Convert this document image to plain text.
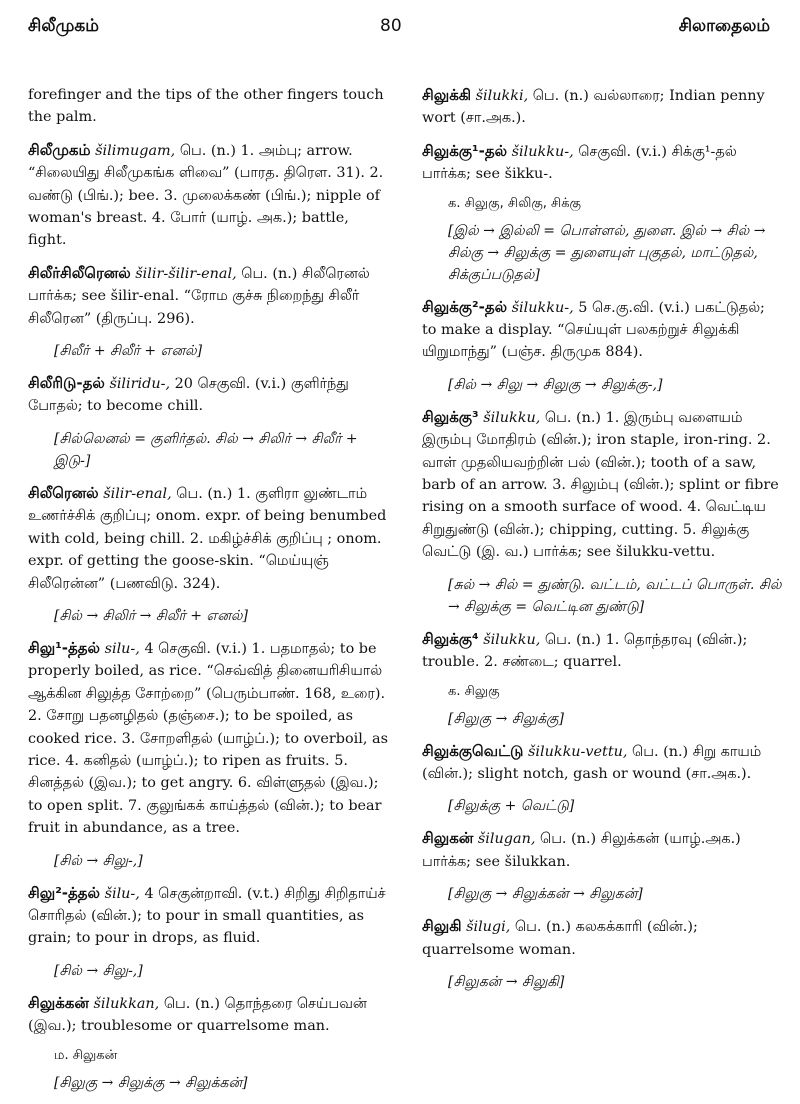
சிலீமுகம்	80	சிலாதைலம்
forefinger and the tips of the other fingers touch the palm.
சிலீமுகம் šilimugam, பெ. (n.) 1. அம்பு; arrow. “சிலையிது சிலீமுகங்க ளிவை” (பாரத. திரௌ. 31). 2. வண்டு (பிங்.); bee. 3. முலைக்கண் (பிங்.); nipple of woman's breast. 4. போர் (யாழ். அக.); battle, fight.
சிலீர்சிலீரெனல் šilir-šilir-enal, பெ. (n.) சிலீரெனல் பார்க்க; see šilir-enal. “ரோம குச்சு நிறைந்து சிலீர் சிலீரென” (திருப்பு. 296).
[சிலீர் + சிலீர் + எனல்]
சிலீரிடு-தல் šiliridu-, 20 செகுவி. (v.i.) குளிர்ந்து போதல்; to become chill.
[சில்லெனல் = குளிர்தல். சில் → சிலிர் → சிலீர் + இடு-]
சிலீரெனல் šilir-enal, பெ. (n.) 1. குளிரா லுண்டாம் உணர்ச்சிக் குறிப்பு; onom. expr. of being benumbed with cold, being chill. 2. மகிழ்ச்சிக் குறிப்பு ; onom. expr. of getting the goose-skin. “மெய்யுஞ் சிலீரென்ன” (பணவிடு. 324).
[சில் → சிலிர் → சிலீர் + எனல்]
சிலு¹-த்தல் silu-, 4 செகுவி. (v.i.) 1. பதமாதல்; to be properly boiled, as rice. “செவ்வித் தினையரிசியால் ஆக்கின சிலுத்த சோற்றை” (பெரும்பாண். 168, உரை). 2. சோறு பதனழிதல் (தஞ்சை.); to be spoiled, as cooked rice. 3. சோறளிதல் (யாழ்ப்.); to overboil, as rice. 4. கனிதல் (யாழ்ப்.); to ripen as fruits. 5. சினத்தல் (இவ.); to get angry. 6. விள்ளுதல் (இவ.); to open split. 7. குலுங்கக் காய்த்தல் (வின்.); to bear fruit in abundance, as a tree.
[சில் → சிலு-,]
சிலு²-த்தல் šilu-, 4 செகுன்றாவி. (v.t.) சிறிது சிறிதாய்ச் சொரிதல் (வின்.); to pour in small quantities, as grain; to pour in drops, as fluid.
[சில் → சிலு-,]
சிலுக்கன் šilukkan, பெ. (n.) தொந்தரை செய்பவன் (இவ.); troublesome or quarrelsome man.
ம. சிலுகன்
[சிலுகு → சிலுக்கு → சிலுக்கன்]
சிலுக்கி šilukki, பெ. (n.) வல்லாரை; Indian penny wort (சா.அக.).
சிலுக்கு¹-தல் šilukku-, செகுவி. (v.i.) சிக்கு¹-தல் பார்க்க; see šikku-.
க. சிலுகு, சிலிகு, சிக்கு
[இல் → இல்லி = பொள்ளல், துளை. இல் → சில் → சில்கு → சிலுக்கு = துளையுள் புகுதல், மாட்டுதல், சிக்குப்படுதல்]
சிலுக்கு²-தல் šilukku-, 5 செ.கு.வி. (v.i.) பகட்டுதல்; to make a display. “செய்யுள் பலகற்றுச் சிலுக்கி யிறுமாந்து” (பஞ்ச. திருமுக 884).
[சில் → சிலு → சிலுகு → சிலுக்கு-,]
சிலுக்கு³ šilukku, பெ. (n.) 1. இரும்பு வளையம் இரும்பு மோதிரம் (வின்.); iron staple, iron-ring. 2. வாள் முதலியவற்றின் பல் (வின்.); tooth of a saw, barb of an arrow. 3. சிலும்பு (வின்.); splint or fibre rising on a smooth surface of wood. 4. வெட்டிய சிறுதுண்டு (வின்.); chipping, cutting. 5. சிலுக்கு வெட்டு (இ. வ.) பார்க்க; see šilukku-vettu.
[சுல் → சில் = துண்டு. வட்டம், வட்டப் பொருள். சில் → சிலுக்கு = வெட்டின துண்டு]
சிலுக்கு⁴ šilukku, பெ. (n.) 1. தொந்தரவு (வின்.); trouble. 2. சண்டை; quarrel.
க. சிலுகு
[சிலுகு → சிலுக்கு]
சிலுக்குவெட்டு šilukku-vettu, பெ. (n.) சிறு காயம் (வின்.); slight notch, gash or wound (சா.அக.).
[சிலுக்கு + வெட்டு]
சிலுகன் šilugan, பெ. (n.) சிலுக்கன் (யாழ்.அக.) பார்க்க; see šilukkan.
[சிலுகு → சிலுக்கன் → சிலுகன்]
சிலுகி šilugi, பெ. (n.) கலகக்காரி (வின்.); quarrelsome woman.
[சிலுகன் → சிலுகி]
